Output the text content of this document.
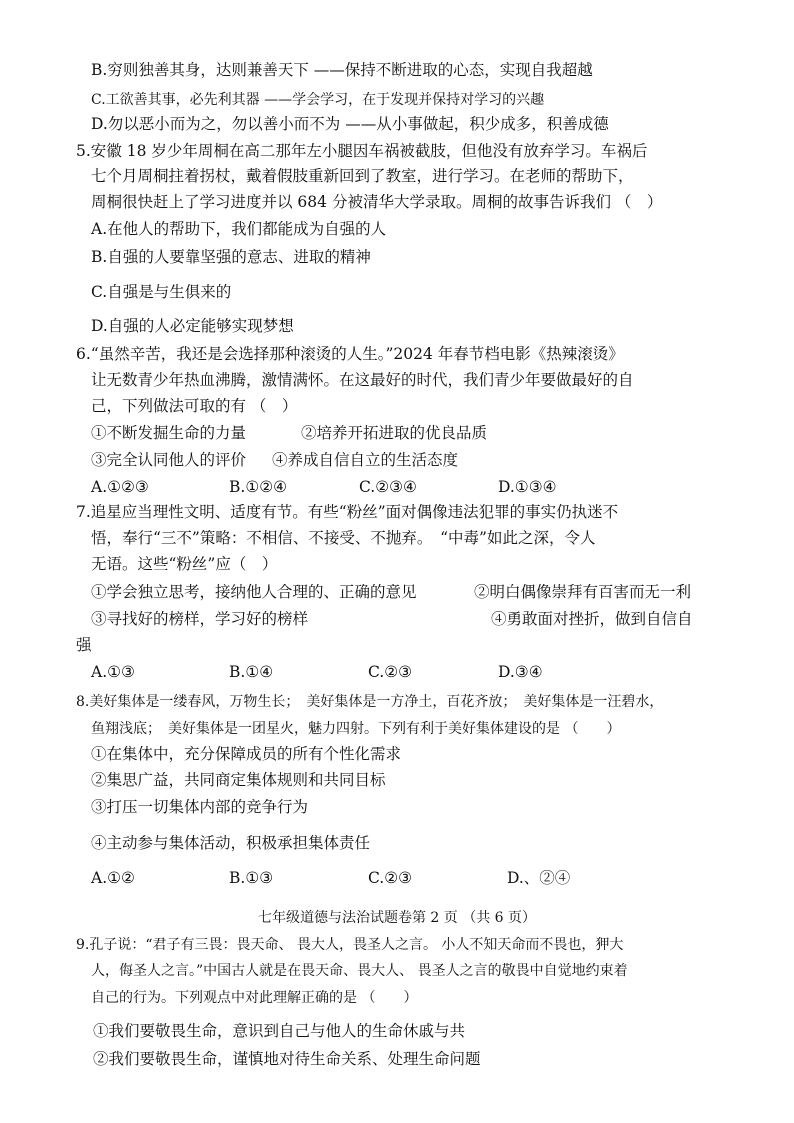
B.穷则独善其身，达则兼善天下 ——保持不断进取的心态，实现自我超越
C.工欲善其事，必先利其器 ——学会学习，在于发现并保持对学习的兴趣
D.勿以恶小而为之，勿以善小而不为 ——从小事做起，积少成多，积善成德
5.安徽 18 岁少年周桐在高二那年左小腿因车祸被截肢，但他没有放弃学习。车祸后
七个月周桐拄着拐杖，戴着假肢重新回到了教室，进行学习。在老师的帮助下，
周桐很快赶上了学习进度并以 684 分被清华大学录取。周桐的故事告诉我们 （　）
A.在他人的帮助下，我们都能成为自强的人
B.自强的人要靠坚强的意志、进取的精神
C.自强是与生俱来的
D.自强的人必定能够实现梦想
6.“虽然辛苦，我还是会选择那种滚烫的人生。”2024 年春节档电影《热辣滚烫》
让无数青少年热血沸腾，激情满怀。在这最好的时代，我们青少年要做最好的自
己，下列做法可取的有 （　）
①不断发掘生命的力量	②培养开拓进取的优良品质
③完全认同他人的评价 ④养成自信自立的生活态度
A.①②③	B.①②④	C.②③④	D.①③④
7.追星应当理性文明、适度有节。有些“粉丝”面对偶像违法犯罪的事实仍执迷不
悟，奉行“三不”策略：不相信、不接受、不抛弃。　“中毒”如此之深，令人
无语。这些“粉丝”应（　）
①学会独立思考，接纳他人合理的、正确的意见	②明白偶像崇拜有百害而无一利
③寻找好的榜样，学习好的榜样	④勇敢面对挫折，做到自信自
强
A.①③	B.①④	C.②③	D.③④
8.美好集体是一缕春风，万物生长；　美好集体是一方净土，百花齐放；　美好集体是一汪碧水，
鱼翔浅底；　美好集体是一团星火，魅力四射。下列有利于美好集体建设的是 （　　）
①在集体中，充分保障成员的所有个性化需求
②集思广益，共同商定集体规则和共同目标
③打压一切集体内部的竞争行为
④主动参与集体活动，积极承担集体责任
A.①②	B.①③	C.②③	D.、②④
七年级道德与法治试题卷第 2 页 （共 6 页）
9.孔子说：“君子有三畏：畏天命、 畏大人，畏圣人之言。 小人不知天命而不畏也，狎大
人，侮圣人之言。”中国古人就是在畏天命、畏大人、 畏圣人之言的敬畏中自觉地约束着
自己的行为。下列观点中对此理解正确的是 （　　）
①我们要敬畏生命，意识到自己与他人的生命休戚与共
②我们要敬畏生命，谨慎地对待生命关系、处理生命问题
